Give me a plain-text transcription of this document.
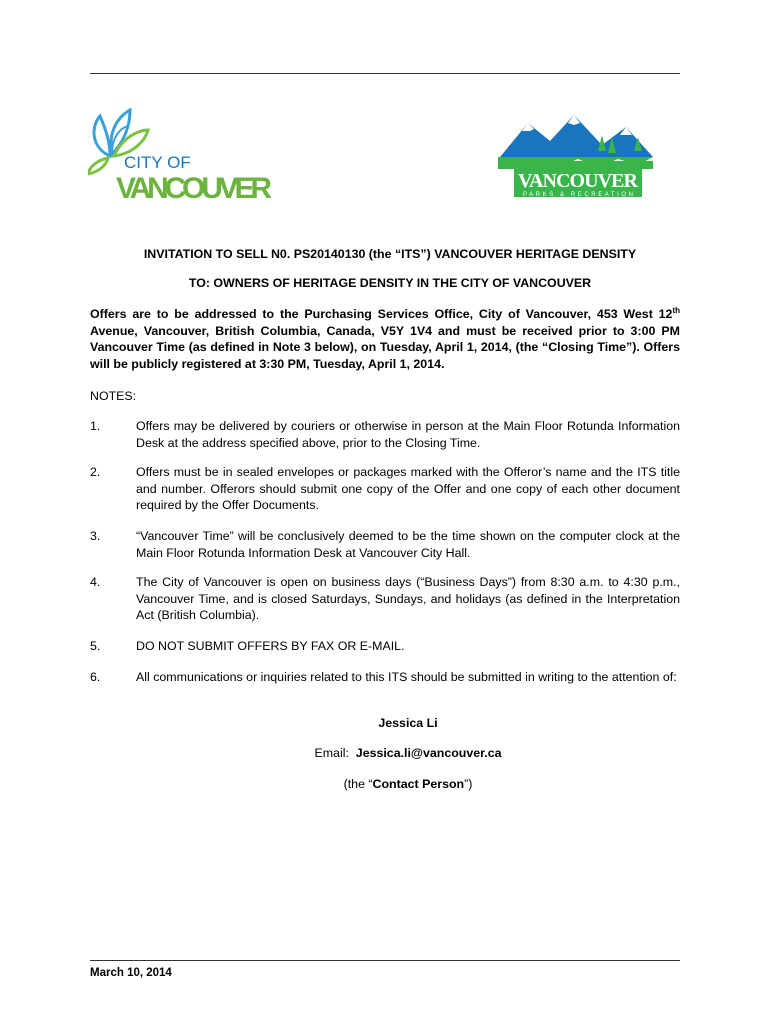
CITY OF
VANCOUVER	VANCOUVER
PARKS & RECREATION
INVITATION TO SELL N0. PS20140130 (the “ITS”) VANCOUVER HERITAGE DENSITY
TO: OWNERS OF HERITAGE DENSITY IN THE CITY OF VANCOUVER
Offers are to be addressed to the Purchasing Services Office, City of Vancouver, 453 West 12th Avenue, Vancouver, British Columbia, Canada, V5Y 1V4 and must be received prior to 3:00 PM Vancouver Time (as defined in Note 3 below), on Tuesday, April 1, 2014, (the “Closing Time”). Offers will be publicly registered at 3:30 PM, Tuesday, April 1, 2014.
NOTES:
1.	Offers may be delivered by couriers or otherwise in person at the Main Floor Rotunda Information Desk at the address specified above, prior to the Closing Time.
2.	Offers must be in sealed envelopes or packages marked with the Offeror’s name and the ITS title and number. Offerors should submit one copy of the Offer and one copy of each other document required by the Offer Documents.
3.	“Vancouver Time” will be conclusively deemed to be the time shown on the computer clock at the Main Floor Rotunda Information Desk at Vancouver City Hall.
4.	The City of Vancouver is open on business days (“Business Days”) from 8:30 a.m. to 4:30 p.m., Vancouver Time, and is closed Saturdays, Sundays, and holidays (as defined in the Interpretation Act (British Columbia).
5.	DO NOT SUBMIT OFFERS BY FAX OR E-MAIL.
6.	All communications or inquiries related to this ITS should be submitted in writing to the attention of:
Jessica Li
Email: Jessica.li@vancouver.ca
(the “Contact Person”)
March 10, 2014
